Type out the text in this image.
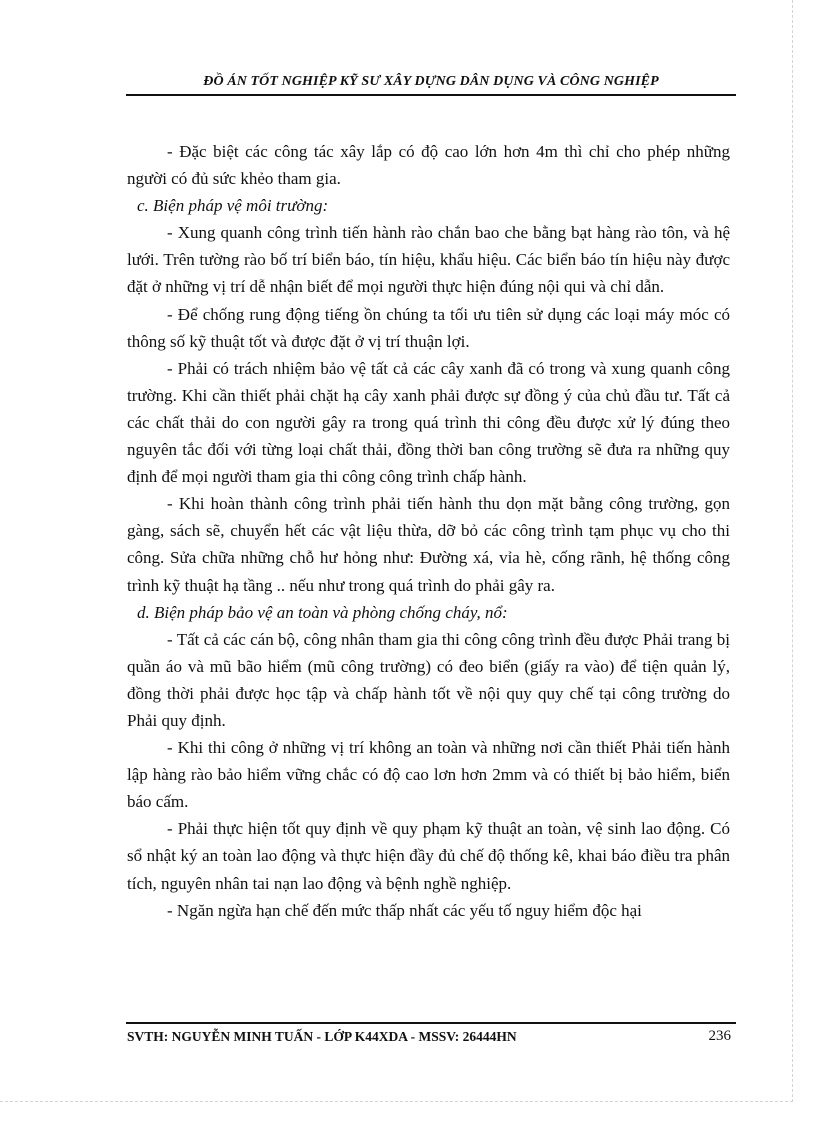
ĐỒ ÁN TỐT NGHIỆP KỸ SƯ XÂY DỰNG DÂN DỤNG VÀ CÔNG NGHIỆP

- Đặc biệt các công tác xây lắp có độ cao lớn hơn 4m thì chỉ cho phép những người có đủ sức khẻo tham gia.

c. Biện pháp vệ môi trường:

- Xung quanh công trình tiến hành rào chắn bao che bằng bạt hàng rào tôn, và hệ lưới. Trên tường rào bố trí biển báo, tín hiệu, khẩu hiệu. Các biển báo tín hiệu này được đặt ở những vị trí dễ nhận biết để mọi người thực hiện đúng nội qui và chỉ dẫn.

- Để chống rung động tiếng ồn chúng ta tối ưu tiên sử dụng các loại máy móc có thông số kỹ thuật tốt và được đặt ở vị trí thuận lợi.

- Phải có trách nhiệm bảo vệ tất cả các cây xanh đã có trong và xung quanh công trường. Khi cần thiết phải chặt hạ cây xanh phải được sự đồng ý của chủ đầu tư. Tất cả các chất thải do con người gây ra trong quá trình thi công đều được xử lý đúng theo nguyên tắc đối với từng loại chất thải, đồng thời ban công trường sẽ đưa ra những quy định để mọi người tham gia thi công công trình chấp hành.

- Khi hoàn thành công trình phải tiến hành thu dọn mặt bằng công trường, gọn gàng, sách sẽ, chuyển hết các vật liệu thừa, dỡ bỏ các công trình tạm phục vụ cho thi công. Sửa chữa những chỗ hư hỏng như: Đường xá, vỉa hè, cống rãnh, hệ thống công trình kỹ thuật hạ tầng .. nếu như trong quá trình do phải gây ra.

d. Biện pháp bảo vệ an toàn và phòng chống cháy, nổ:

- Tất cả các cán bộ, công nhân tham gia thi công công trình đều được Phải trang bị quần áo và mũ bão hiểm (mũ công trường) có đeo biển (giấy ra vào) để tiện quản lý, đồng thời phải được học tập và chấp hành tốt về nội quy quy chế tại công trường do Phải quy định.

- Khi thi công ở những vị trí không an toàn và những nơi cần thiết Phải tiến hành lập hàng rào bảo hiểm vững chắc có độ cao lơn hơn 2mm và có thiết bị bảo hiểm, biển báo cấm.

- Phải thực hiện tốt quy định về quy phạm kỹ thuật an toàn, vệ sinh lao động. Có sổ nhật ký an toàn lao động và thực hiện đầy đủ chế độ thống kê, khai báo điều tra phân tích, nguyên nhân tai nạn lao động và bệnh nghề nghiệp.

- Ngăn ngừa hạn chế đến mức thấp nhất các yếu tố nguy hiểm độc hại

SVTH: NGUYỄN MINH TUẤN - LỚP K44XDA - MSSV: 26444HN	236
